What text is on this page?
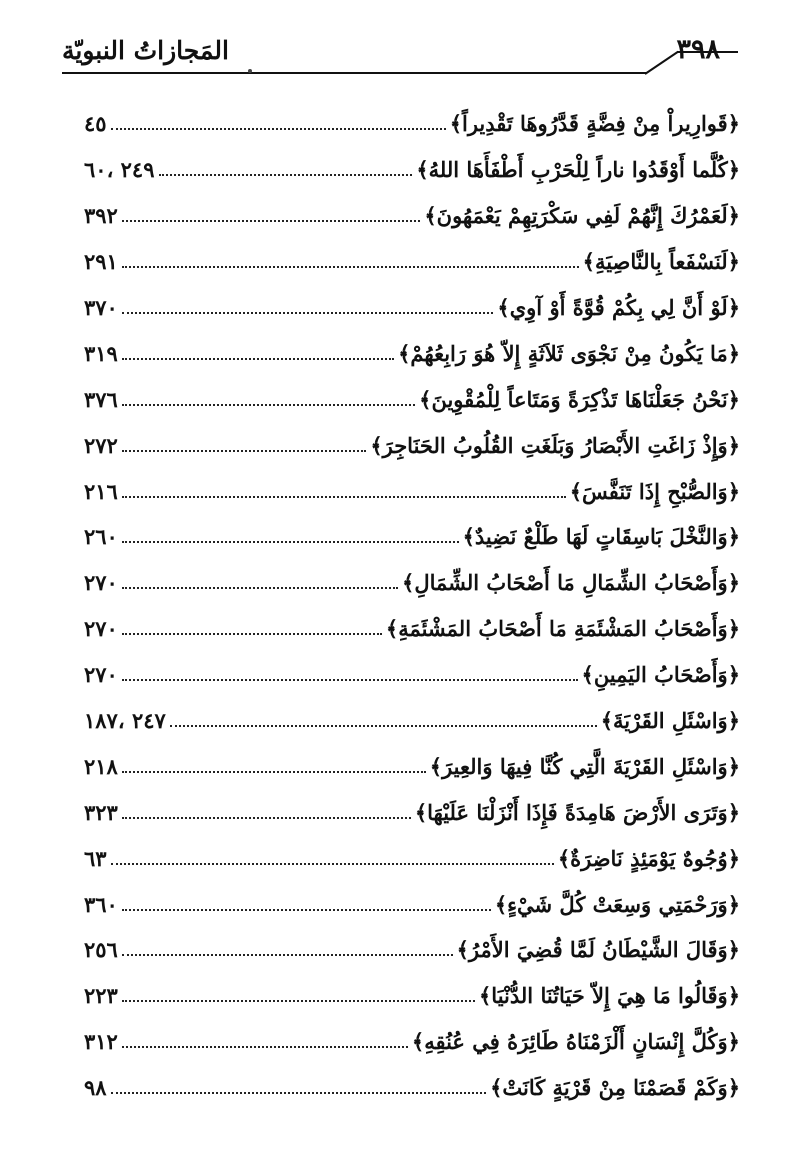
المَجازاتُ النبويّة	٣٩٨
﴿قَوارِيراْ مِنْ فِضَّةٍ قَدَّرُوهَا تَقْدِيراً﴾
٤٥
﴿كُلَّما أَوْقَدُوا ناراً لِلْحَرْبِ أَطْفَأَهَا اللهُ﴾
٢٤٩ ،٦٠
﴿لَعَمْرُكَ إِنَّهُمْ لَفِي سَكْرَتِهِمْ يَعْمَهُونَ﴾
٣٩٢
﴿لَنَسْفَعاً بِالنَّاصِيَةِ﴾
٢٩١
﴿لَوْ أَنَّ لِي بِكُمْ قُوَّةً أَوْ آوِي﴾
٣٧٠
﴿مَا يَكُونُ مِنْ نَجْوَى ثَلاَثَةٍ إِلاّ هُوَ رَابِعُهُمْ﴾
٣١٩
﴿نَحْنُ جَعَلْنَاهَا تَذْكِرَةً وَمَتَاعاً لِلْمُقْوِينَ﴾
٣٧٦
﴿وَإِذْ زَاغَتِ الأَبْصَارُ وَبَلَغَتِ القُلُوبُ الحَنَاجِرَ﴾
٢٧٢
﴿وَالصُّبْحِ إِذَا تَنَفَّسَ﴾
٢١٦
﴿وَالنَّخْلَ بَاسِقَاتٍ لَهَا طَلْعٌ نَضِيدٌ﴾
٢٦٠
﴿وَأَصْحَابُ الشِّمَالِ مَا أَصْحَابُ الشِّمَالِ﴾
٢٧٠
﴿وَأَصْحَابُ المَشْئَمَةِ مَا أَصْحَابُ المَشْئَمَةِ﴾
٢٧٠
﴿وَأَصْحَابُ اليَمِينِ﴾
٢٧٠
﴿وَاسْئَلِ القَرْيَةَ﴾
٢٤٧ ،١٨٧
﴿وَاسْئَلِ القَرْيَةَ الَّتِي كُنَّا فِيهَا وَالعِيرَ﴾
٢١٨
﴿وَتَرَى الأَرْضَ هَامِدَةً فَإِذَا أَنْزَلْنَا عَلَيْهَا﴾
٣٢٣
﴿وُجُوهٌ يَوْمَئِذٍ نَاضِرَةٌ﴾
٦٣
﴿وَرَحْمَتِي وَسِعَتْ كُلَّ شَيْءٍ﴾
٣٦٠
﴿وَقَالَ الشَّيْطَانُ لَمَّا قُضِيَ الأَمْرُ﴾
٢٥٦
﴿وَقَالُوا مَا هِيَ إِلاّ حَيَاتُنَا الدُّنْيَا﴾
٢٢٣
﴿وَكُلَّ إِنْسَانٍ أَلْزَمْنَاهُ طَائِرَهُ فِي عُنُقِهِ﴾
٣١٢
﴿وَكَمْ قَصَمْنَا مِنْ قَرْيَةٍ كَانَتْ﴾
٩٨
